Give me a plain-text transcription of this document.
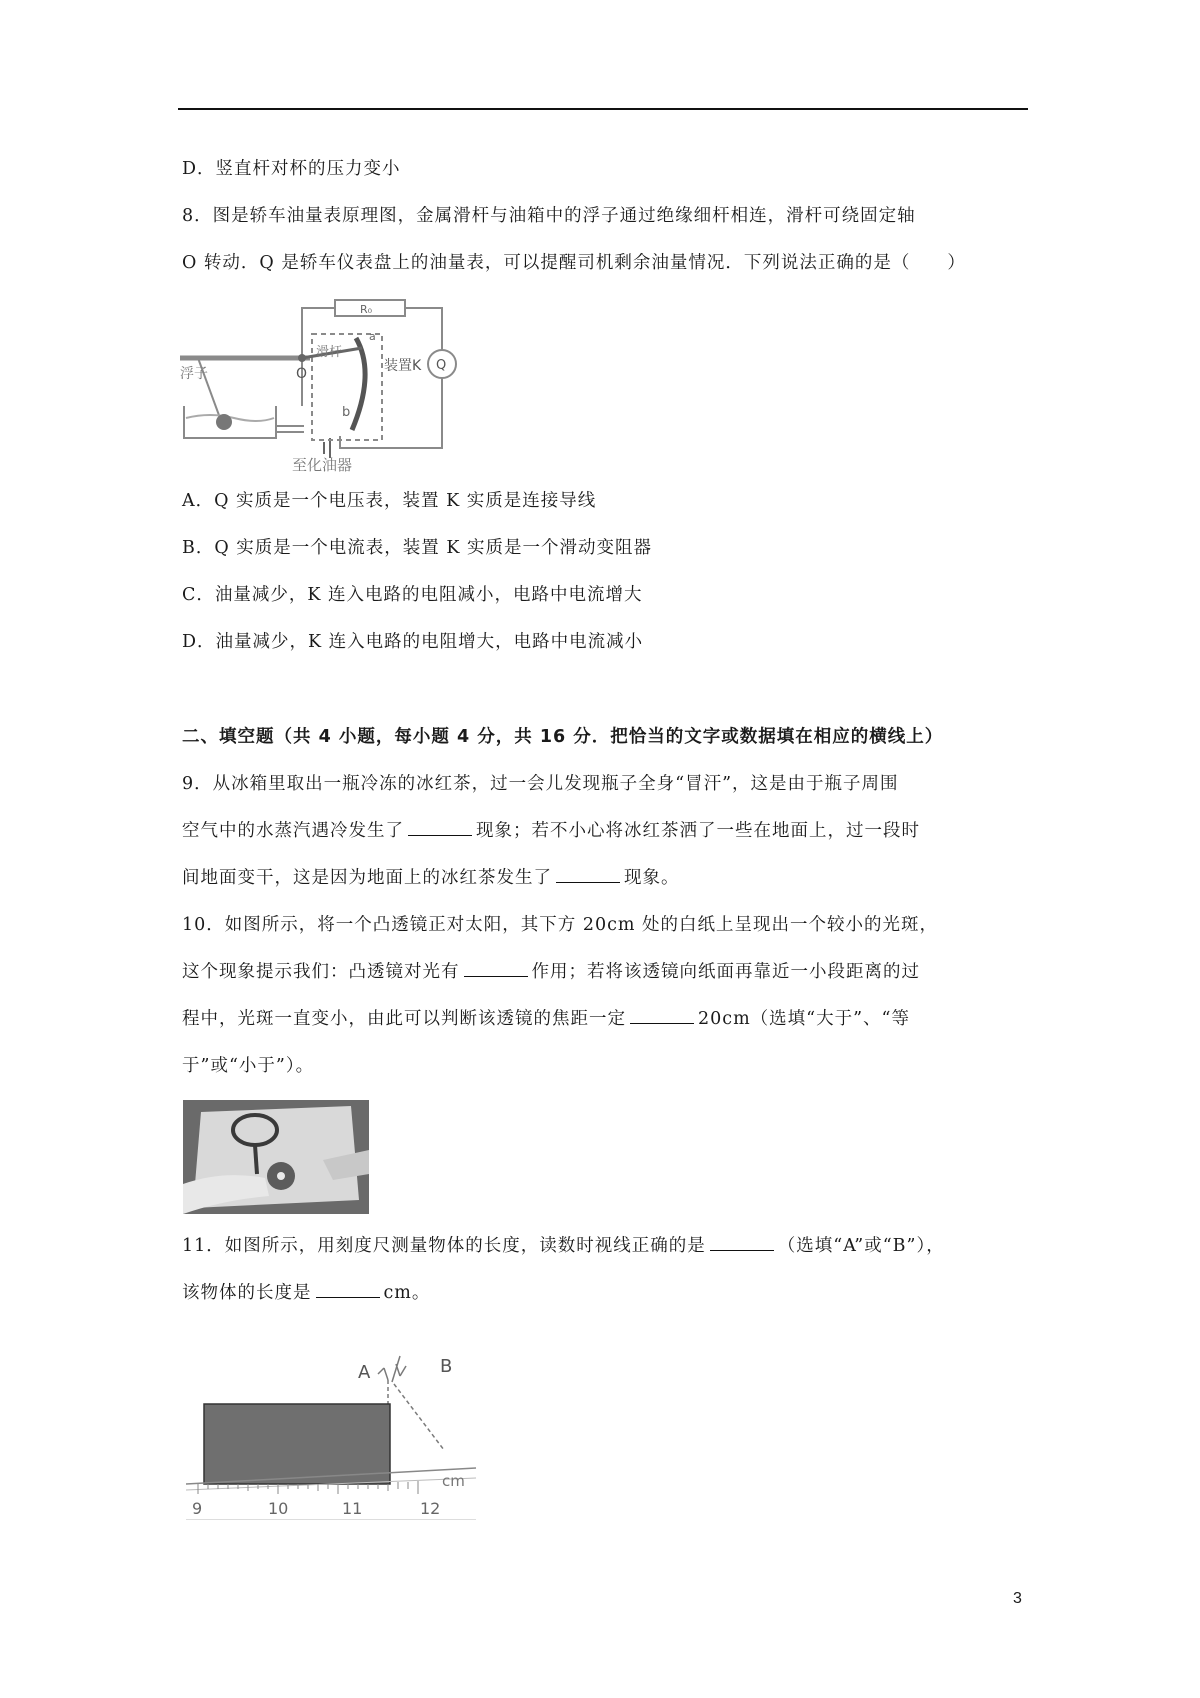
D．竖直杆对杯的压力变小
8．图是轿车油量表原理图，金属滑杆与油箱中的浮子通过绝缘细杆相连，滑杆可绕固定轴
O 转动．Q 是轿车仪表盘上的油量表，可以提醒司机剩余油量情况．下列说法正确的是（　　）
R₀
Q
浮子	O
滑杆
装置K
a
b
至化油器
A．Q 实质是一个电压表，装置 K 实质是连接导线
B．Q 实质是一个电流表，装置 K 实质是一个滑动变阻器
C．油量减少，K 连入电路的电阻减小，电路中电流增大
D．油量减少，K 连入电路的电阻增大，电路中电流减小
二、填空题（共 4 小题，每小题 4 分，共 16 分．把恰当的文字或数据填在相应的横线上）
9．从冰箱里取出一瓶冷冻的冰红茶，过一会儿发现瓶子全身“冒汗”，这是由于瓶子周围
空气中的水蒸汽遇冷发生了	现象；若不小心将冰红茶洒了一些在地面上，过一段时
间地面变干，这是因为地面上的冰红茶发生了	现象。
10．如图所示，将一个凸透镜正对太阳，其下方 20cm 处的白纸上呈现出一个较小的光斑，
这个现象提示我们：凸透镜对光有	作用；若将该透镜向纸面再靠近一小段距离的过
程中，光斑一直变小，由此可以判断该透镜的焦距一定	20cm（选填“大于”、“等
于”或“小于”）。
11．如图所示，用刻度尺测量物体的长度，读数时视线正确的是	（选填“A”或“B”），
该物体的长度是	cm。
A	B
cm
9	10	11	12
3
